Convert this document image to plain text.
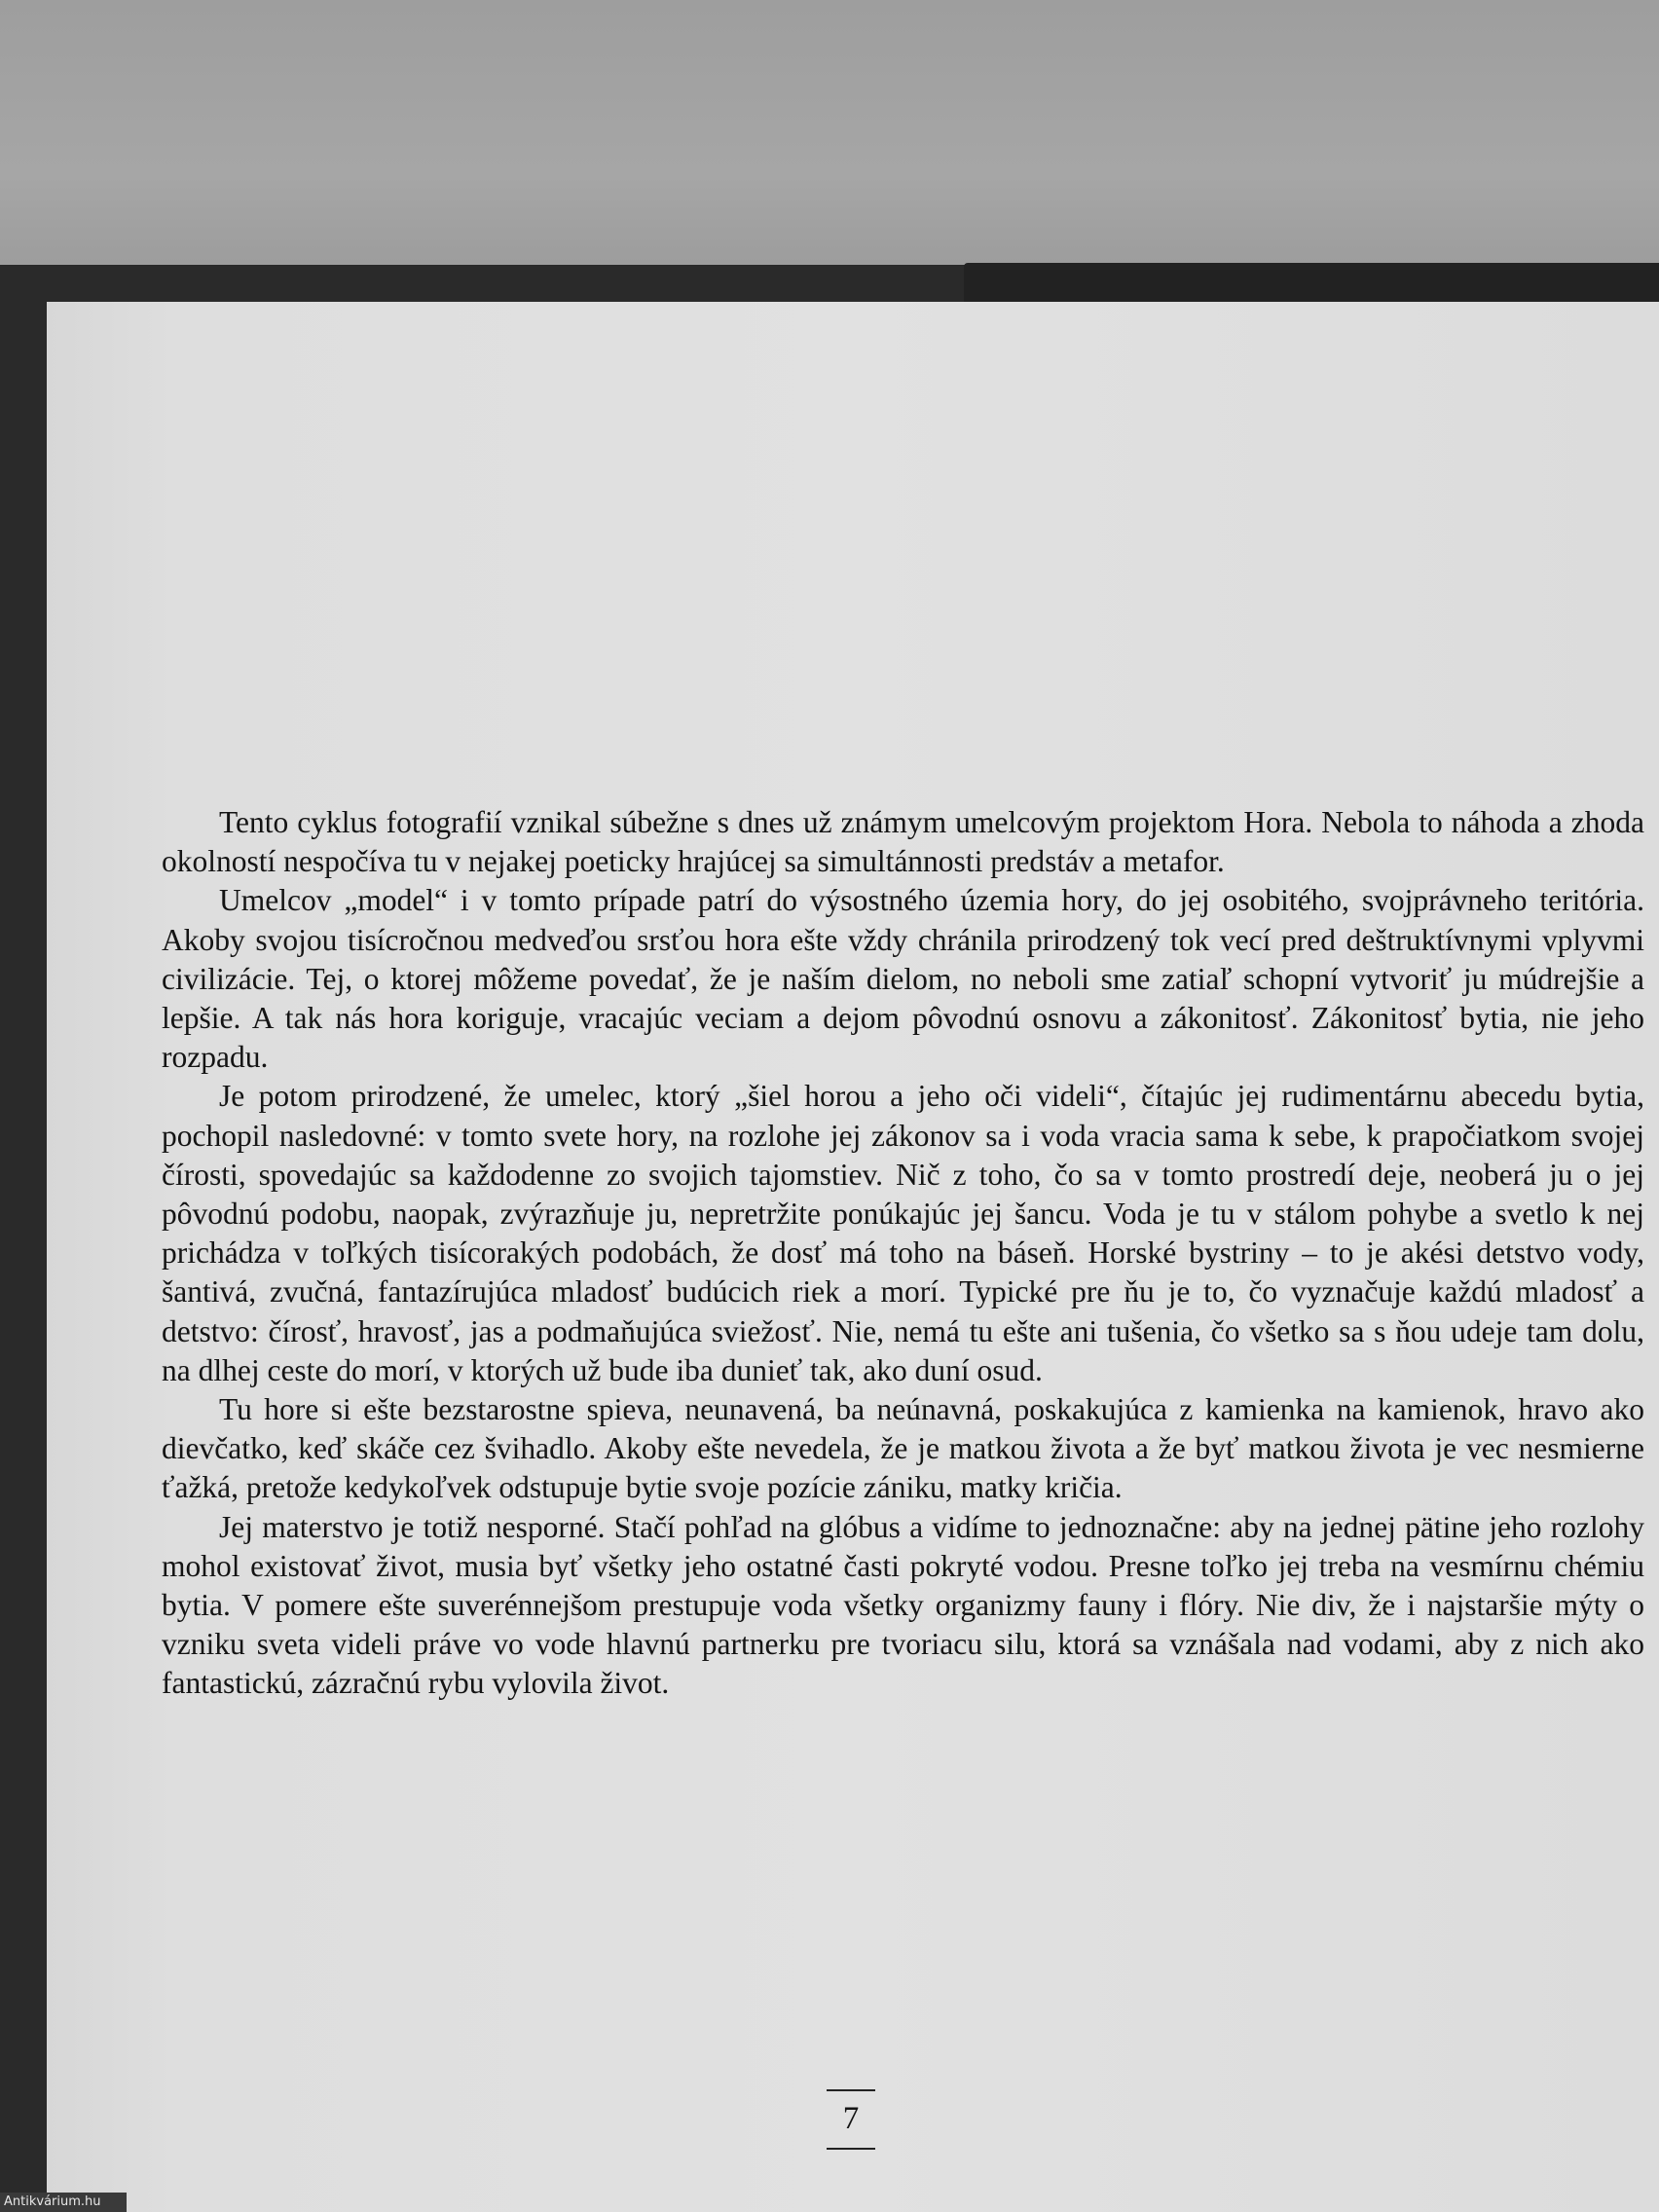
Tento cyklus fotografií vznikal súbežne s dnes už známym umelcovým projektom Hora. Nebola to náhoda a zhoda okolností nespočíva tu v nejakej poeticky hrajúcej sa simultánnosti predstáv a metafor.

Umelcov „model“ i v tomto prípade patrí do výsostného územia hory, do jej osobitého, svojprávneho teritória. Akoby svojou tisícročnou medveďou srsťou hora ešte vždy chránila prirodzený tok vecí pred deštruktívnymi vplyvmi civilizácie. Tej, o ktorej môžeme povedať, že je naším dielom, no neboli sme zatiaľ schopní vytvoriť ju múdrejšie a lepšie. A tak nás hora koriguje, vracajúc veciam a dejom pôvodnú osnovu a zákonitosť. Zákonitosť bytia, nie jeho rozpadu.

Je potom prirodzené, že umelec, ktorý „šiel horou a jeho oči videli“, čítajúc jej rudimentárnu abecedu bytia, pochopil nasledovné: v tomto svete hory, na rozlohe jej zákonov sa i voda vracia sama k sebe, k prapočiatkom svojej čírosti, spovedajúc sa každodenne zo svojich tajomstiev. Nič z toho, čo sa v tomto prostredí deje, neoberá ju o jej pôvodnú podobu, naopak, zvýrazňuje ju, nepretržite ponúkajúc jej šancu. Voda je tu v stálom pohybe a svetlo k nej prichádza v toľkých tisícorakých podobách, že dosť má toho na báseň. Horské bystriny – to je akési detstvo vody, šantivá, zvučná, fantazírujúca mladosť budúcich riek a morí. Typické pre ňu je to, čo vyznačuje každú mladosť a detstvo: čírosť, hravosť, jas a podmaňujúca sviežosť. Nie, nemá tu ešte ani tušenia, čo všetko sa s ňou udeje tam dolu, na dlhej ceste do morí, v ktorých už bude iba dunieť tak, ako duní osud.

Tu hore si ešte bezstarostne spieva, neunavená, ba neúnavná, poskakujúca z kamienka na kamienok, hravo ako dievčatko, keď skáče cez švihadlo. Akoby ešte nevedela, že je matkou života a že byť matkou života je vec nesmierne ťažká, pretože kedykoľvek odstupuje bytie svoje pozície zániku, matky kričia.

Jej materstvo je totiž nesporné. Stačí pohľad na glóbus a vidíme to jednoznačne: aby na jednej pätine jeho rozlohy mohol existovať život, musia byť všetky jeho ostatné časti pokryté vodou. Presne toľko jej treba na vesmírnu chémiu bytia. V pomere ešte suverénnejšom prestupuje voda všetky organizmy fauny i flóry. Nie div, že i najstaršie mýty o vzniku sveta videli práve vo vode hlavnú partnerku pre tvoriacu silu, ktorá sa vznášala nad vodami, aby z nich ako fantastickú, zázračnú rybu vylovila život.

7
Antikvárium.hu
